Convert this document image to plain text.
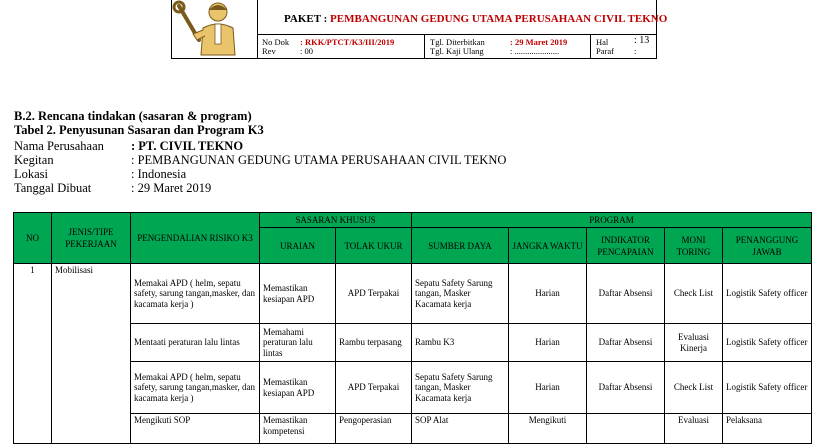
PAKET : PEMBANGUNAN GEDUNG UTAMA PERUSAHAAN CIVIL TEKNO
No Dok : RKK/PTCT/K3/III/2019
Rev	: 00
Tgl. Diterbitkan	: 29 Maret 2019
Tgl. Kaji Ulang	: .....................
Hal	: 13
Paraf :
B.2. Rencana tindakan (sasaran & program)
Tabel 2. Penyusunan Sasaran dan Program K3
Nama Perusahaan : PT. CIVIL TEKNO
Kegitan	: PEMBANGUNAN GEDUNG UTAMA PERUSAHAAN CIVIL TEKNO
Lokasi	: Indonesia
Tanggal Dibuat	: 29 Maret 2019
NO	JENIS/TIPE PEKERJAAN	PENGENDALIAN RISIKO K3	SASARAN KHUSUS		PROGRAM				
			URAIAN	TOLAK UKUR	SUMBER DAYA	JANGKA WAKTU	INDIKATOR PENCAPAIAN	MONI TORING	PENANGGUNG JAWAB
1	Mobilisasi	Memakai APD ( helm, sepatu safety, sarung tangan,masker, dan kacamata kerja )	Memastikan kesiapan APD	APD Terpakai	Sepatu Safety Sarung tangan, Masker Kacamata kerja	Harian	Daftar Absensi	Check List	Logistik Safety officer
		Mentaati peraturan lalu lintas	Memahami peraturan lalu lintas	Rambu terpasang	Rambu K3	Harian	Daftar Absensi	Evaluasi Kinerja	Logistik Safety officer
		Memakai APD ( helm, sepatu safety, sarung tangan,masker, dan kacamata kerja )	Memastikan kesiapan APD	APD Terpakai	Sepatu Safety Sarung tangan, Masker Kacamata kerja	Harian	Daftar Absensi	Check List	Logistik Safety officer
		Mengikuti SOP	Memastikan kompetensi	Pengoperasian	SOP Alat	Mengikuti		Evaluasi	Pelaksana
